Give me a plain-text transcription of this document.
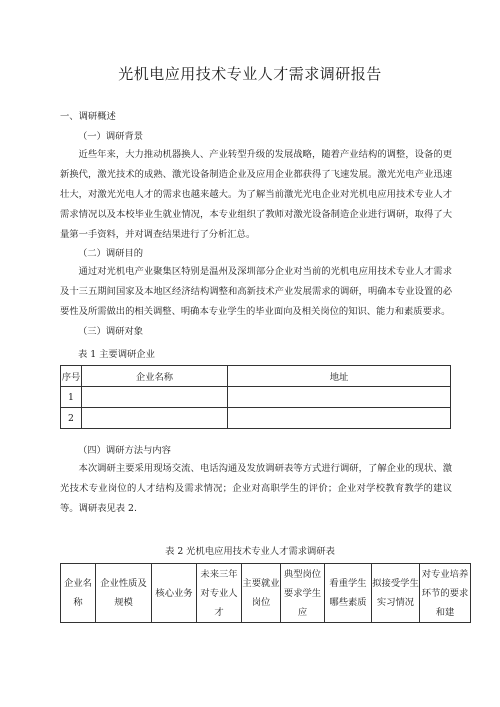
光机电应用技术专业人才需求调研报告
一、调研概述
（一）调研背景
近些年来，大力推动机器换人、产业转型升级的发展战略，随着产业结构的调整，设备的更新换代，激光技术的成熟、激光设备制造企业及应用企业都获得了飞速发展。激光光电产业迅速壮大，对激光光电人才的需求也越来越大。为了解当前激光光电企业对光机电应用技术专业人才需求情况以及本校毕业生就业情况，本专业组织了教师对激光设备制造企业进行调研，取得了大量第一手资料，并对调查结果进行了分析汇总。
（二）调研目的
通过对光机电产业聚集区特别是温州及深圳部分企业对当前的光机电应用技术专业人才需求及十三五期间国家及本地区经济结构调整和高新技术产业发展需求的调研，明确本专业设置的必要性及所需做出的相关调整、明确本专业学生的毕业面向及相关岗位的知识、能力和素质要求。
（三）调研对象
表 1 主要调研企业
序号	企业名称	地址
1		
2		
（四）调研方法与内容
本次调研主要采用现场交流、电话沟通及发放调研表等方式进行调研，了解企业的现状、激光技术专业岗位的人才结构及需求情况；企业对高职学生的评价；企业对学校教育教学的建议等。调研表见表 2.
表 2 光机电应用技术专业人才需求调研表
企业名称	企业性质及规模	核心业务	未来三年对专业人才	主要就业岗位	典型岗位要求学生应	看重学生哪些素质	拟接受学生实习情况	对专业培养环节的要求和建
